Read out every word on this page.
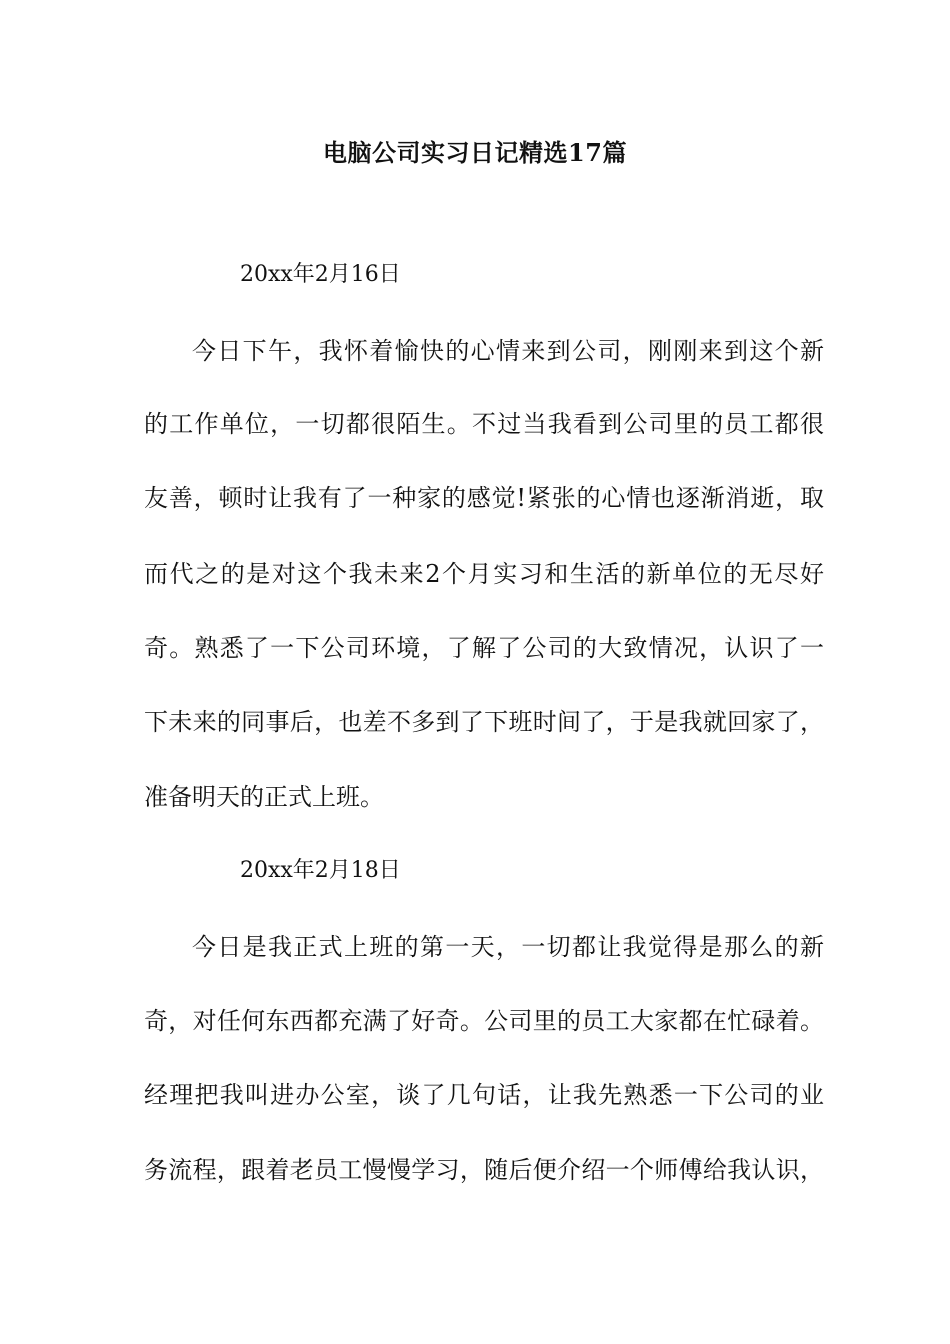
电脑公司实习日记精选17篇
20xx年2月16日
今日下午，我怀着愉快的心情来到公司，刚刚来到这个新
的工作单位，一切都很陌生。不过当我看到公司里的员工都很
友善，顿时让我有了一种家的感觉!紧张的心情也逐渐消逝，取
而代之的是对这个我未来2个月实习和生活的新单位的无尽好
奇。熟悉了一下公司环境，了解了公司的大致情况，认识了一
下未来的同事后，也差不多到了下班时间了，于是我就回家了，
准备明天的正式上班。
20xx年2月18日
今日是我正式上班的第一天，一切都让我觉得是那么的新
奇，对任何东西都充满了好奇。公司里的员工大家都在忙碌着。
经理把我叫进办公室，谈了几句话，让我先熟悉一下公司的业
务流程，跟着老员工慢慢学习，随后便介绍一个师傅给我认识，
